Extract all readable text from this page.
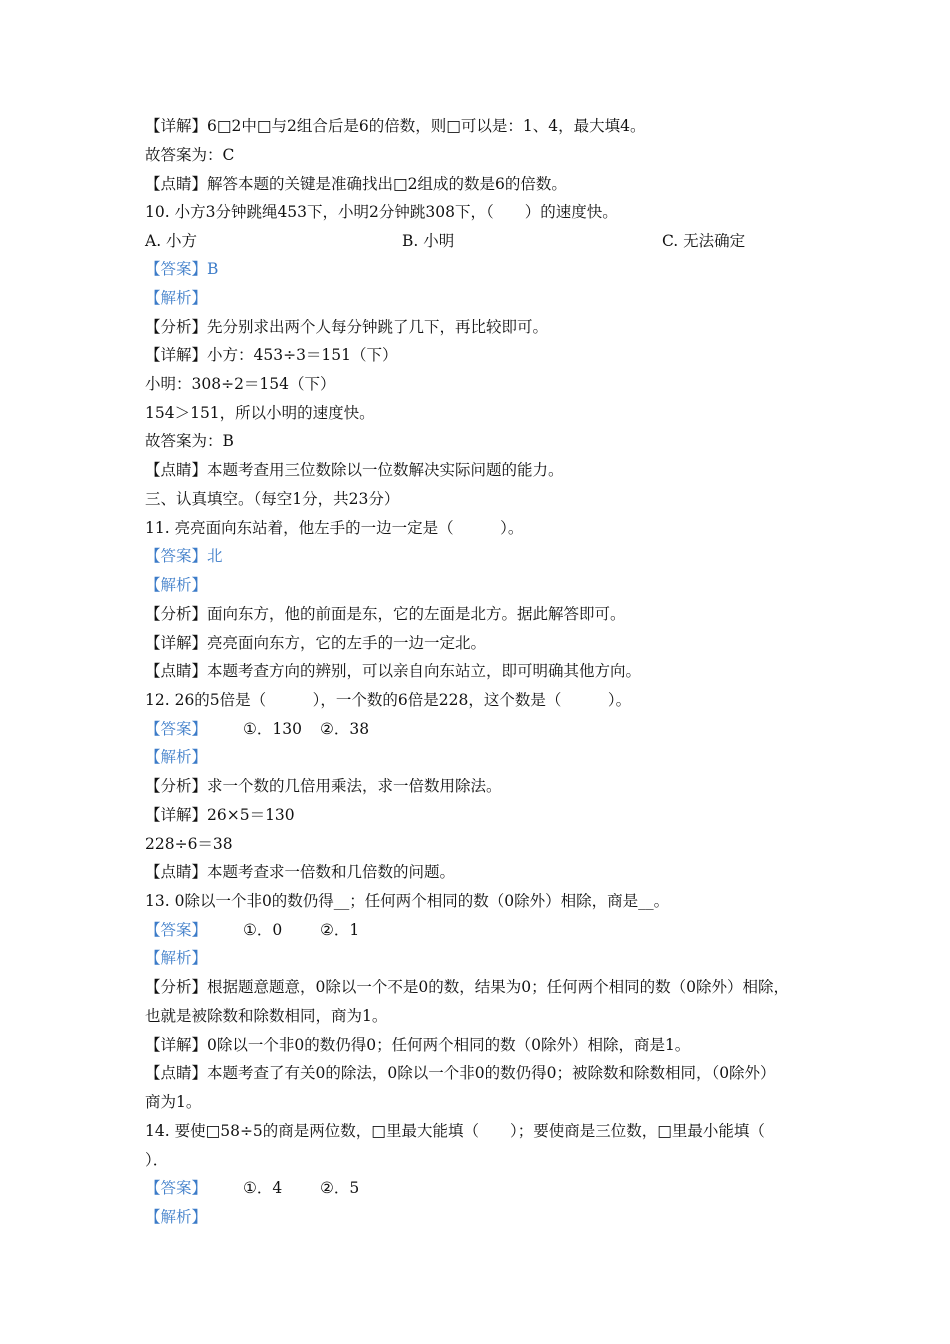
【详解】6□2中□与2组合后是6的倍数，则□可以是：1、4，最大填4。
故答案为：C
【点睛】解答本题的关键是准确找出□2组成的数是6的倍数。
10. 小方3分钟跳绳453下，小明2分钟跳308下，（　　）的速度快。
A. 小方	B. 小明	C. 无法确定
【答案】B
【解析】
【分析】先分别求出两个人每分钟跳了几下，再比较即可。
【详解】小方：453÷3＝151（下）
小明：308÷2＝154（下）
154＞151，所以小明的速度快。
故答案为：B
【点睛】本题考查用三位数除以一位数解决实际问题的能力。
三、认真填空。（每空1分，共23分）
11. 亮亮面向东站着，他左手的一边一定是（　　　）。
【答案】北
【解析】
【分析】面向东方，他的前面是东，它的左面是北方。据此解答即可。
【详解】亮亮面向东方，它的左手的一边一定北。
【点睛】本题考查方向的辨别，可以亲自向东站立，即可明确其他方向。
12. 26的5倍是（　　　），一个数的6倍是228，这个数是（　　　）。
【答案】 ①．130 ②．38
【解析】
【分析】求一个数的几倍用乘法，求一倍数用除法。
【详解】26×5＝130
228÷6＝38
【点睛】本题考查求一倍数和几倍数的问题。
13. 0除以一个非0的数仍得__；任何两个相同的数（0除外）相除，商是__。
【答案】 ①．0 ②．1
【解析】
【分析】根据题意题意，0除以一个不是0的数，结果为0；任何两个相同的数（0除外）相除，
也就是被除数和除数相同，商为1。
【详解】0除以一个非0的数仍得0；任何两个相同的数（0除外）相除，商是1。
【点睛】本题考查了有关0的除法，0除以一个非0的数仍得0；被除数和除数相同，（0除外）
商为1。
14. 要使□58÷5的商是两位数，□里最大能填（　　）；要使商是三位数，□里最小能填（
）．
【答案】 ①．4 ②．5
【解析】
